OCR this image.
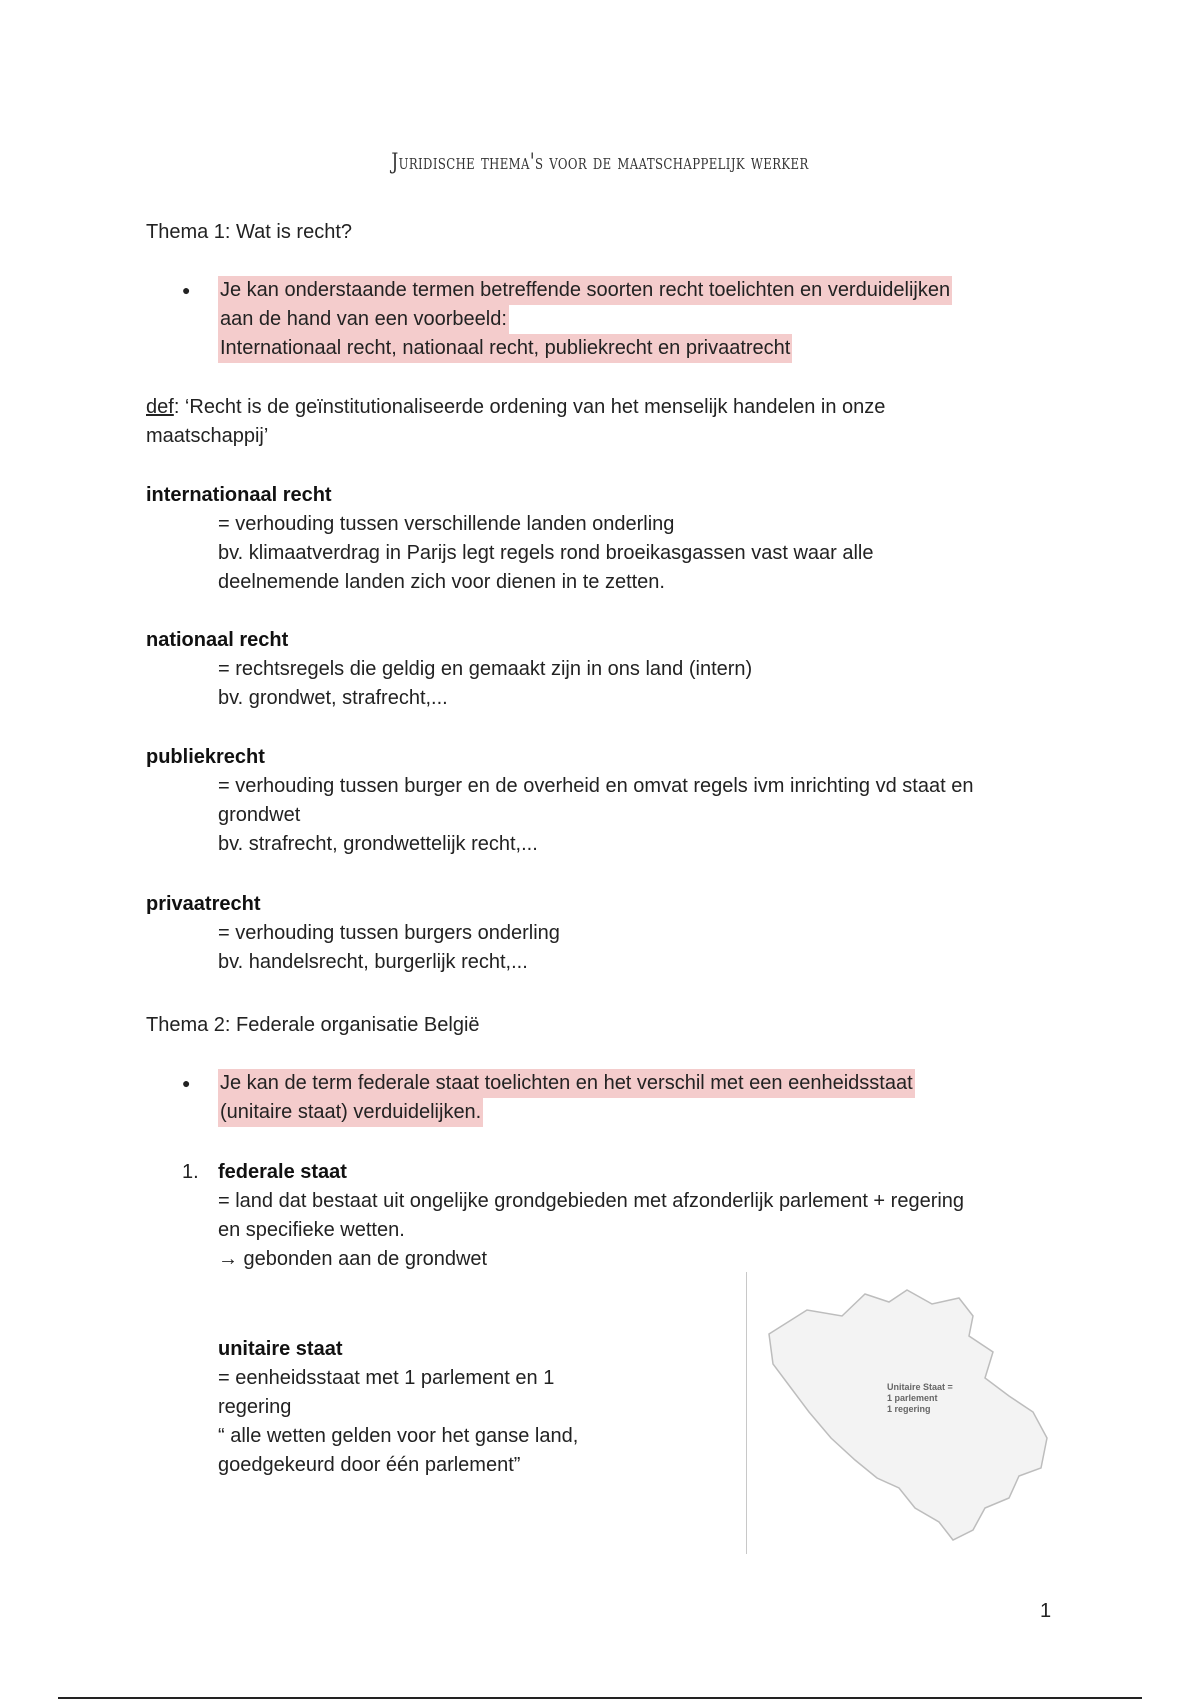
Juridische thema's voor de maatschappelijk werker
Thema 1: Wat is recht?
● Je kan onderstaande termen betreffende soorten recht toelichten en verduidelijken
aan de hand van een voorbeeld:
Internationaal recht, nationaal recht, publiekrecht en privaatrecht
def: ‘Recht is de geïnstitutionaliseerde ordening van het menselijk handelen in onze
maatschappij’
internationaal recht
= verhouding tussen verschillende landen onderling
bv. klimaatverdrag in Parijs legt regels rond broeikasgassen vast waar alle
deelnemende landen zich voor dienen in te zetten.
nationaal recht
= rechtsregels die geldig en gemaakt zijn in ons land (intern)
bv. grondwet, strafrecht,...
publiekrecht
= verhouding tussen burger en de overheid en omvat regels ivm inrichting vd staat en
grondwet
bv. strafrecht, grondwettelijk recht,...
privaatrecht
= verhouding tussen burgers onderling
bv. handelsrecht, burgerlijk recht,...
Thema 2: Federale organisatie België
● Je kan de term federale staat toelichten en het verschil met een eenheidsstaat
(unitaire staat) verduidelijken.
1. federale staat
= land dat bestaat uit ongelijke grondgebieden met afzonderlijk parlement + regering
en specifieke wetten.
→ gebonden aan de grondwet
unitaire staat
= eenheidsstaat met 1 parlement en 1
regering
“ alle wetten gelden voor het ganse land,
goedgekeurd door één parlement”
Unitaire Staat =
1 parlement
1 regering
1
